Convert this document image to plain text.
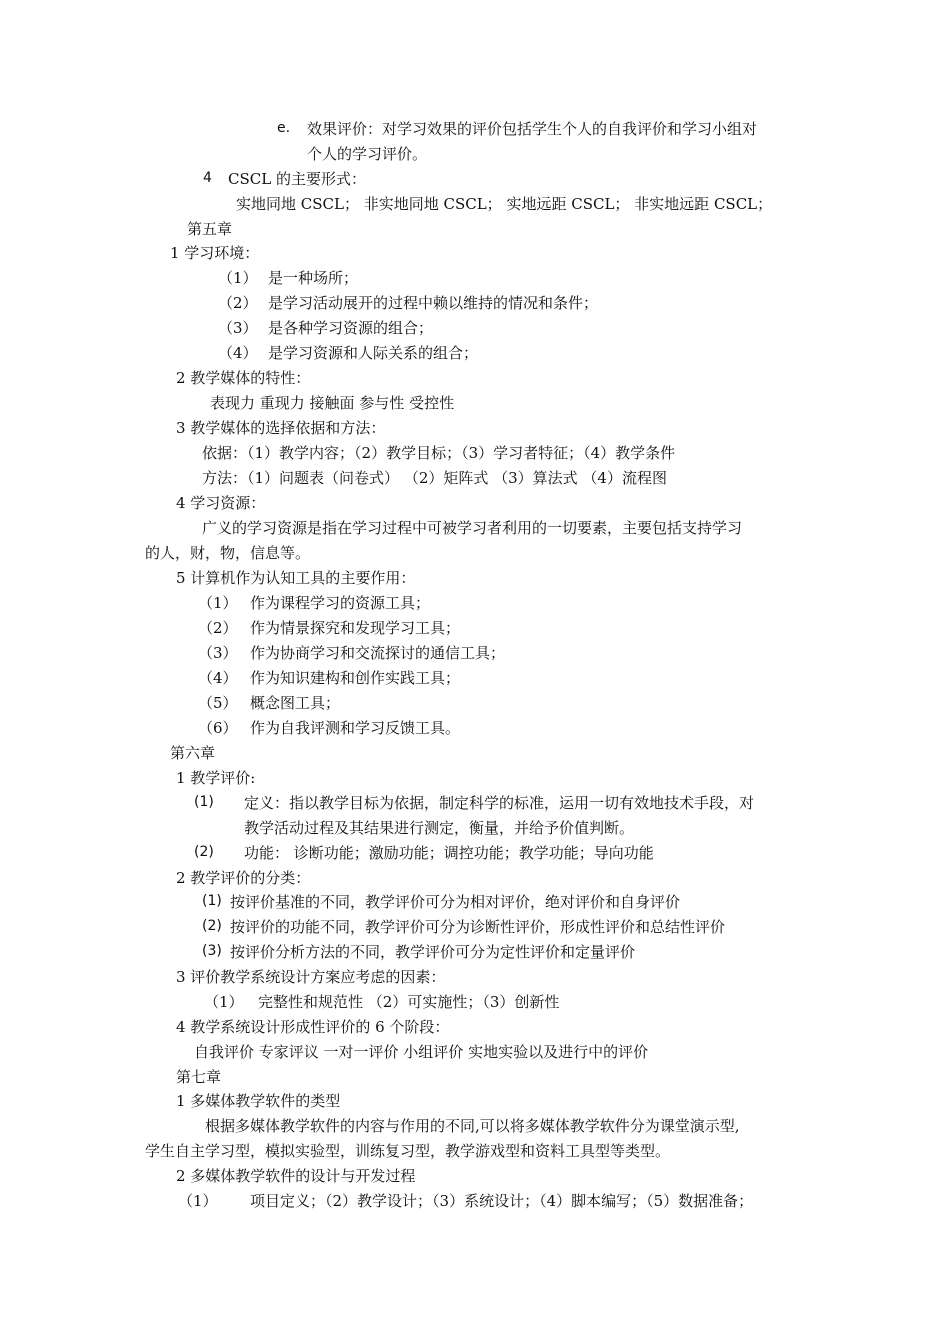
e. 效果评价：对学习效果的评价包括学生个人的自我评价和学习小组对
个人的学习评价。
4 CSCL 的主要形式：
实地同地 CSCL； 非实地同地 CSCL； 实地远距 CSCL； 非实地远距 CSCL；
第五章
1 学习环境：
（1） 是一种场所；
（2） 是学习活动展开的过程中赖以维持的情况和条件；
（3） 是各种学习资源的组合；
（4） 是学习资源和人际关系的组合；
2 教学媒体的特性：
表现力 重现力 接触面 参与性 受控性
3 教学媒体的选择依据和方法：
依据：（1）教学内容；（2）教学目标；（3）学习者特征；（4）教学条件
方法：（1）问题表（问卷式） （2）矩阵式 （3）算法式 （4）流程图
4 学习资源：
广义的学习资源是指在学习过程中可被学习者利用的一切要素，主要包括支持学习
的人，财，物，信息等。
5 计算机作为认知工具的主要作用：
（1） 作为课程学习的资源工具；
（2） 作为情景探究和发现学习工具；
（3） 作为协商学习和交流探讨的通信工具；
（4） 作为知识建构和创作实践工具；
（5） 概念图工具；
（6） 作为自我评测和学习反馈工具。
第六章
1 教学评价:
(1) 定义：指以教学目标为依据，制定科学的标准，运用一切有效地技术手段，对
教学活动过程及其结果进行测定，衡量，并给予价值判断。
(2) 功能： 诊断功能；激励功能；调控功能；教学功能；导向功能
2 教学评价的分类：
(1) 按评价基准的不同，教学评价可分为相对评价，绝对评价和自身评价
(2) 按评价的功能不同，教学评价可分为诊断性评价，形成性评价和总结性评价
(3) 按评价分析方法的不同，教学评价可分为定性评价和定量评价
3 评价教学系统设计方案应考虑的因素：
（1） 完整性和规范性 （2）可实施性；（3）创新性
4 教学系统设计形成性评价的 6 个阶段：
自我评价 专家评议 一对一评价 小组评价 实地实验以及进行中的评价
第七章
1 多媒体教学软件的类型
根据多媒体教学软件的内容与作用的不同,可以将多媒体教学软件分为课堂演示型,
学生自主学习型，模拟实验型，训练复习型，教学游戏型和资料工具型等类型。
2 多媒体教学软件的设计与开发过程
（1） 项目定义；（2）教学设计；（3）系统设计；（4）脚本编写；（5）数据准备；
